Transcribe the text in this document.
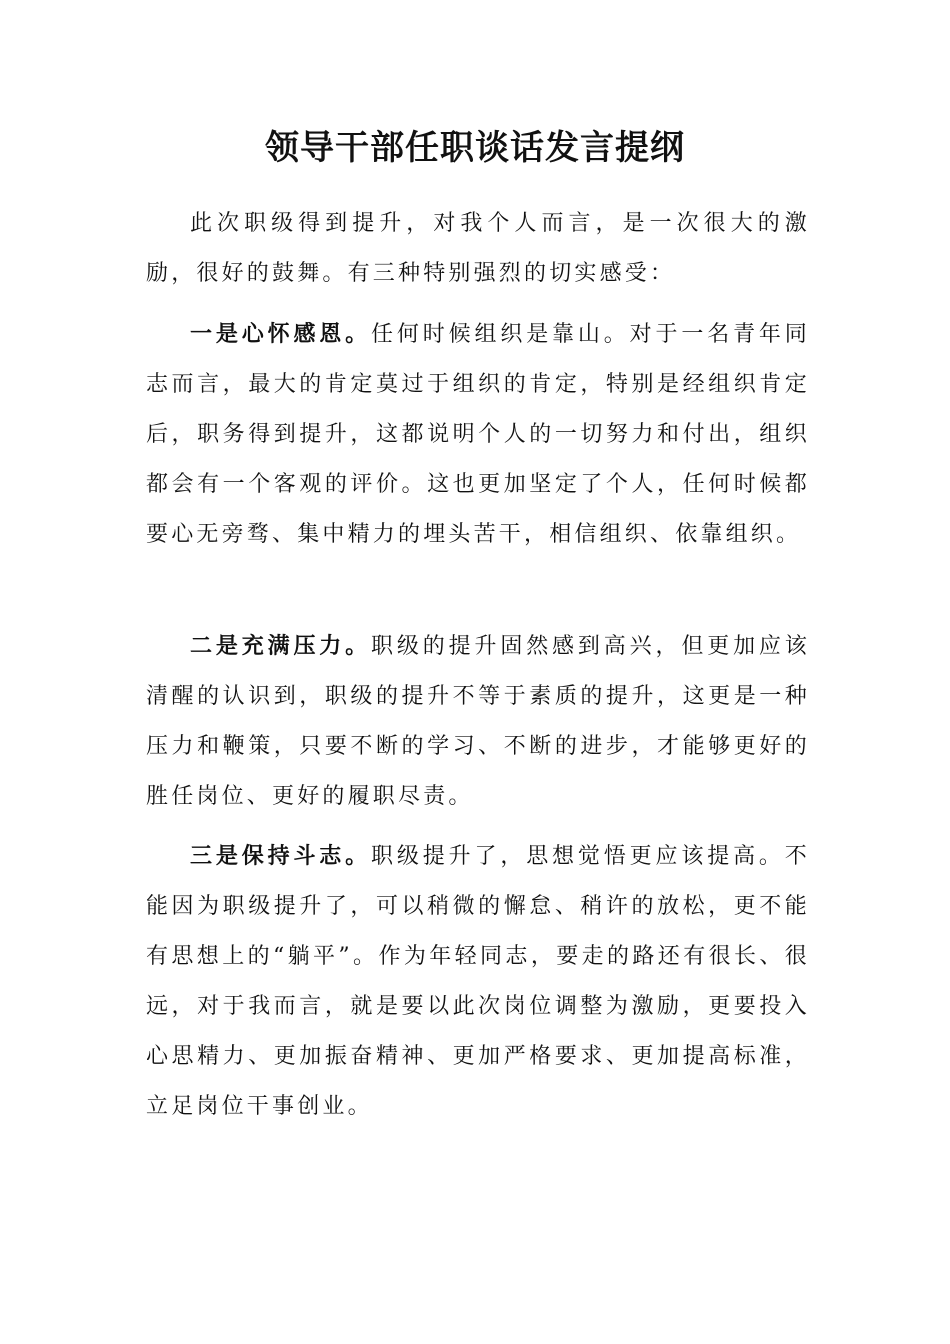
领导干部任职谈话发言提纲

此次职级得到提升，对我个人而言，是一次很大的激励，很好的鼓舞。有三种特别强烈的切实感受：

一是心怀感恩。任何时候组织是靠山。对于一名青年同志而言，最大的肯定莫过于组织的肯定，特别是经组织肯定后，职务得到提升，这都说明个人的一切努力和付出，组织都会有一个客观的评价。这也更加坚定了个人，任何时候都要心无旁骛、集中精力的埋头苦干，相信组织、依靠组织。

二是充满压力。职级的提升固然感到高兴，但更加应该清醒的认识到，职级的提升不等于素质的提升，这更是一种压力和鞭策，只要不断的学习、不断的进步，才能够更好的胜任岗位、更好的履职尽责。

三是保持斗志。职级提升了，思想觉悟更应该提高。不能因为职级提升了，可以稍微的懈怠、稍许的放松，更不能有思想上的“躺平”。作为年轻同志，要走的路还有很长、很远，对于我而言，就是要以此次岗位调整为激励，更要投入心思精力、更加振奋精神、更加严格要求、更加提高标准，立足岗位干事创业。
